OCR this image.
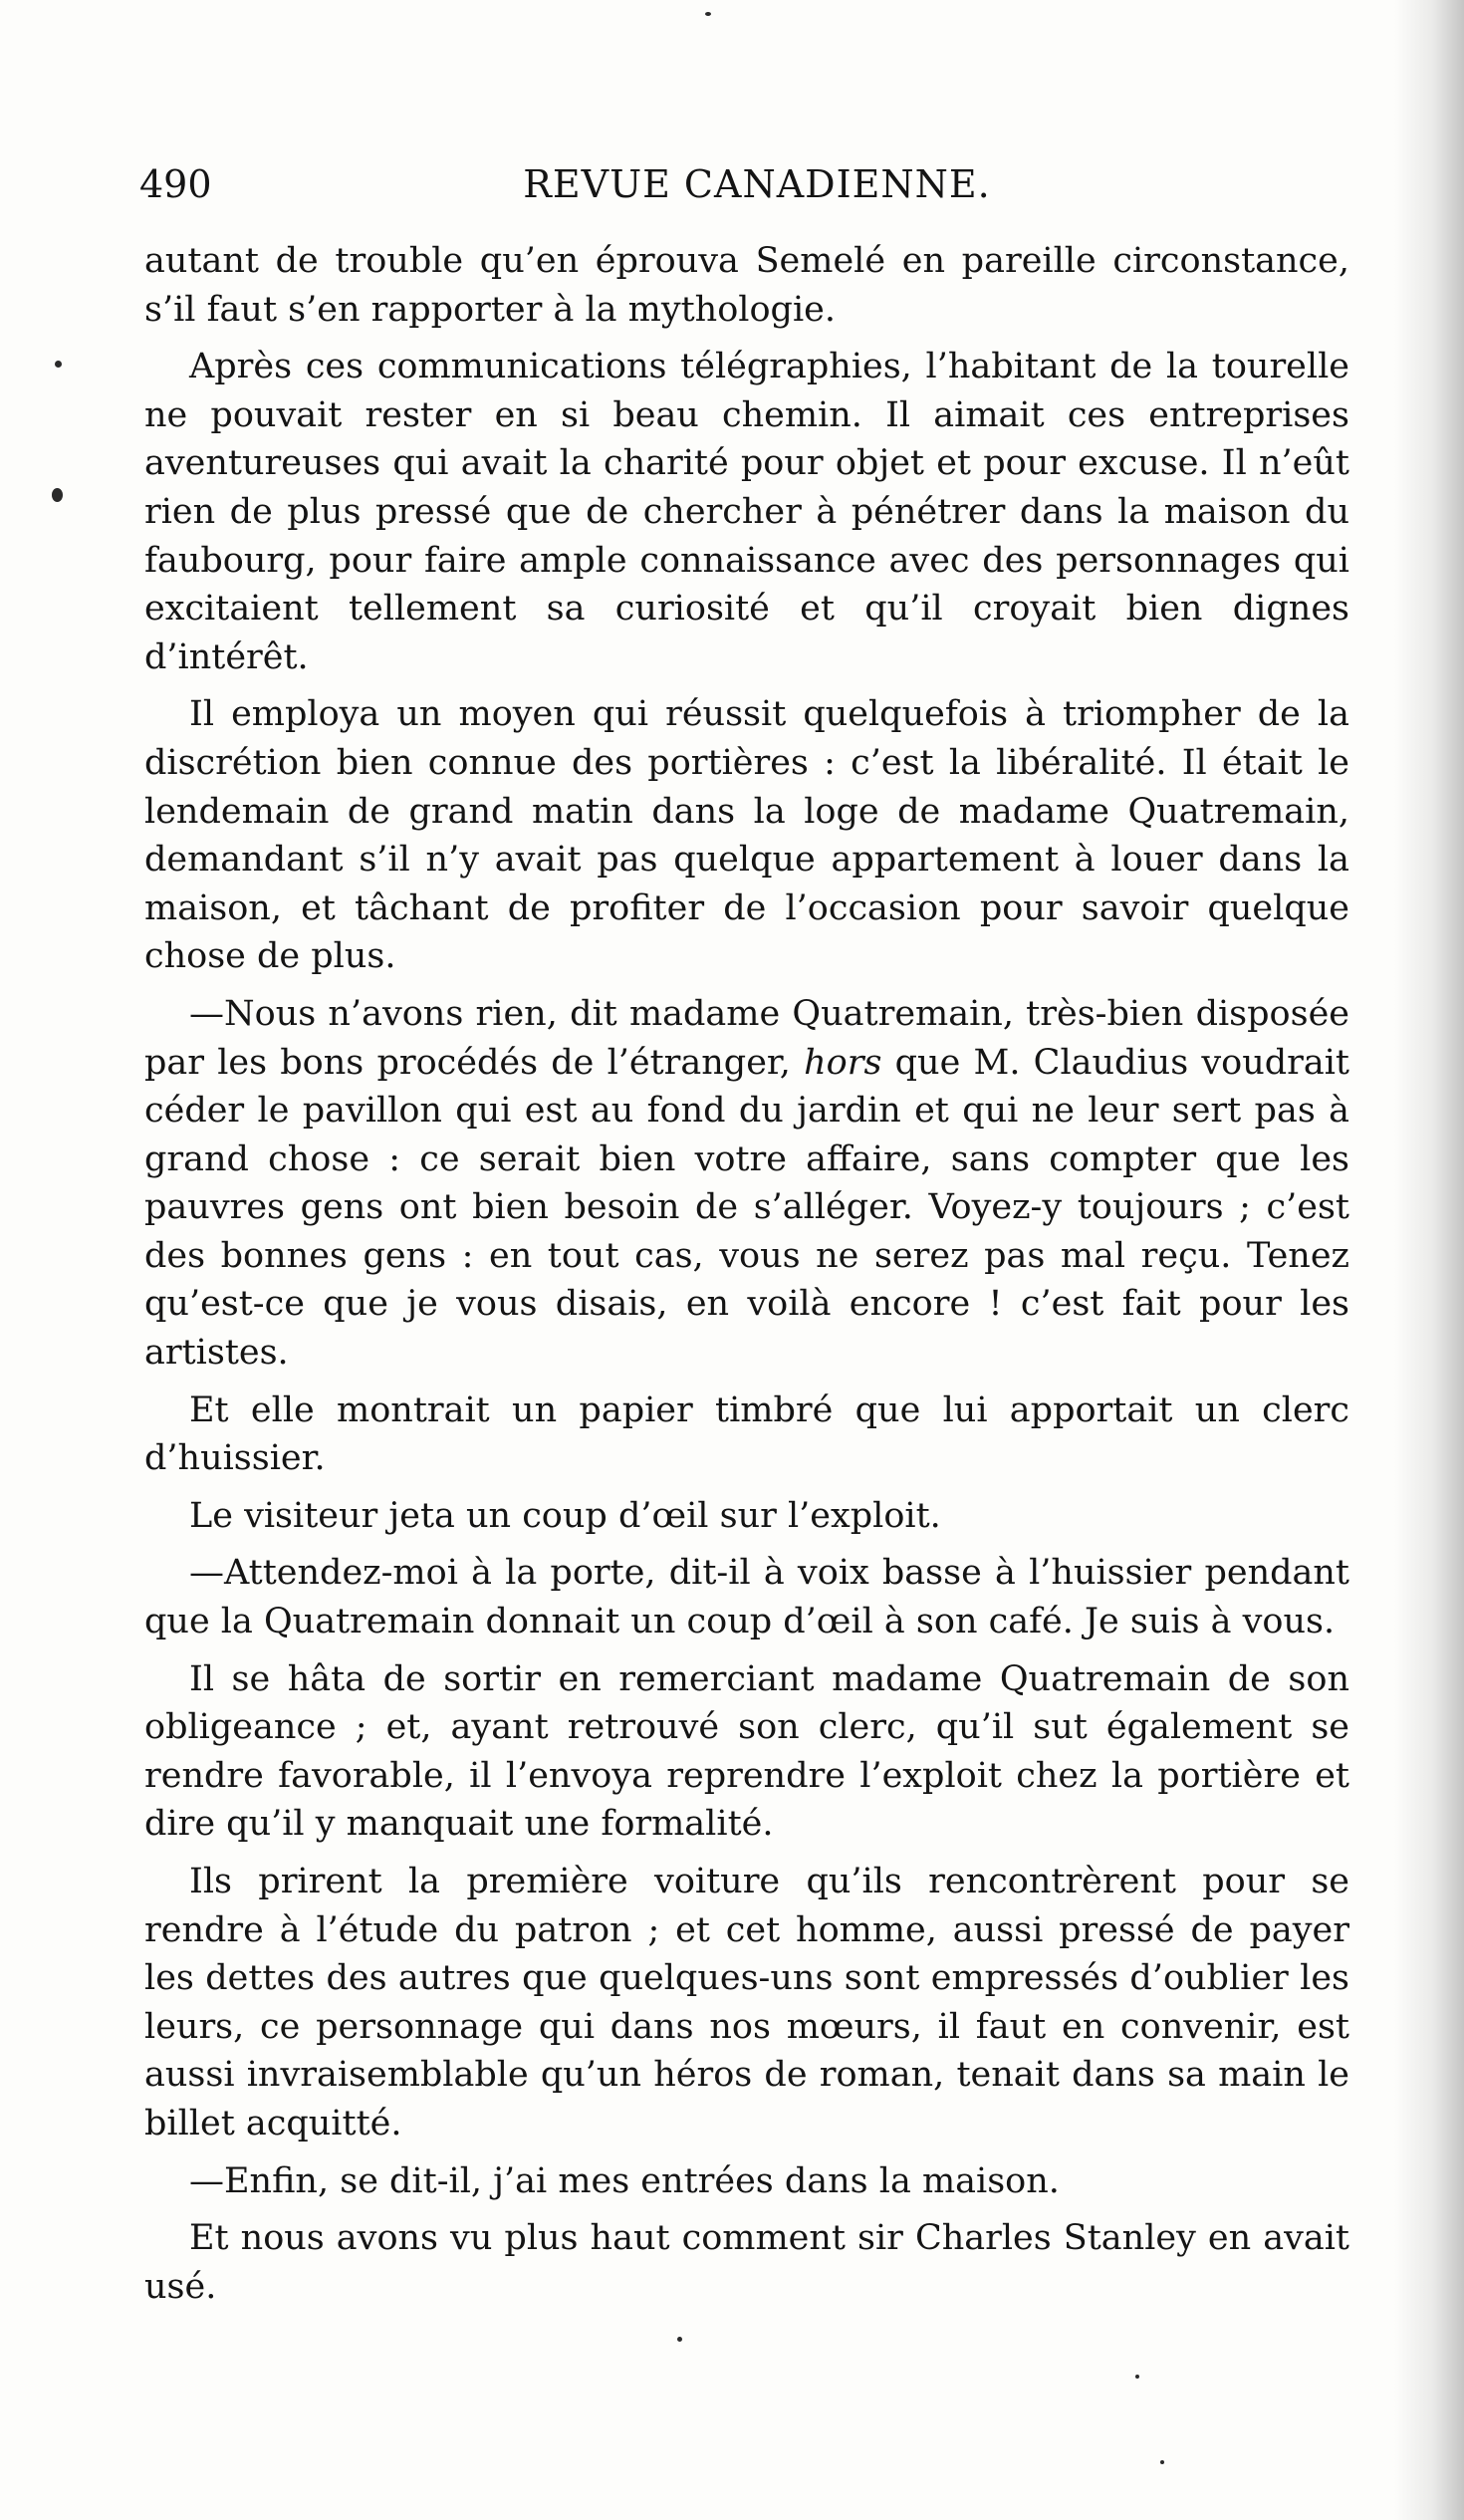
490	REVUE CANADIENNE.

autant de trouble qu’en éprouva Semelé en pareille circonstance, s’il faut s’en rapporter à la mythologie.

Après ces communications télégraphies, l’habitant de la tourelle ne pouvait rester en si beau chemin. Il aimait ces entreprises aventureuses qui avait la charité pour objet et pour excuse. Il n’eût rien de plus pressé que de chercher à pénétrer dans la maison du faubourg, pour faire ample connaissance avec des personnages qui excitaient tellement sa curiosité et qu’il croyait bien dignes d’intérêt.

Il employa un moyen qui réussit quelquefois à triompher de la discrétion bien connue des portières : c’est la libéralité. Il était le lendemain de grand matin dans la loge de madame Quatremain, demandant s’il n’y avait pas quelque appartement à louer dans la maison, et tâchant de profiter de l’occasion pour savoir quelque chose de plus.

—Nous n’avons rien, dit madame Quatremain, très-bien disposée par les bons procédés de l’étranger, hors que M. Claudius voudrait céder le pavillon qui est au fond du jardin et qui ne leur sert pas à grand chose : ce serait bien votre affaire, sans compter que les pauvres gens ont bien besoin de s’alléger. Voyez-y toujours ; c’est des bonnes gens : en tout cas, vous ne serez pas mal reçu. Tenez qu’est-ce que je vous disais, en voilà encore ! c’est fait pour les artistes.

Et elle montrait un papier timbré que lui apportait un clerc d’huissier.

Le visiteur jeta un coup d’œil sur l’exploit.

—Attendez-moi à la porte, dit-il à voix basse à l’huissier pendant que la Quatremain donnait un coup d’œil à son café. Je suis à vous.

Il se hâta de sortir en remerciant madame Quatremain de son obligeance ; et, ayant retrouvé son clerc, qu’il sut également se rendre favorable, il l’envoya reprendre l’exploit chez la portière et dire qu’il y manquait une formalité.

Ils prirent la première voiture qu’ils rencontrèrent pour se rendre à l’étude du patron ; et cet homme, aussi pressé de payer les dettes des autres que quelques-uns sont empressés d’oublier les leurs, ce personnage qui dans nos mœurs, il faut en convenir, est aussi invraisemblable qu’un héros de roman, tenait dans sa main le billet acquitté.

—Enfin, se dit-il, j’ai mes entrées dans la maison.

Et nous avons vu plus haut comment sir Charles Stanley en avait usé.
